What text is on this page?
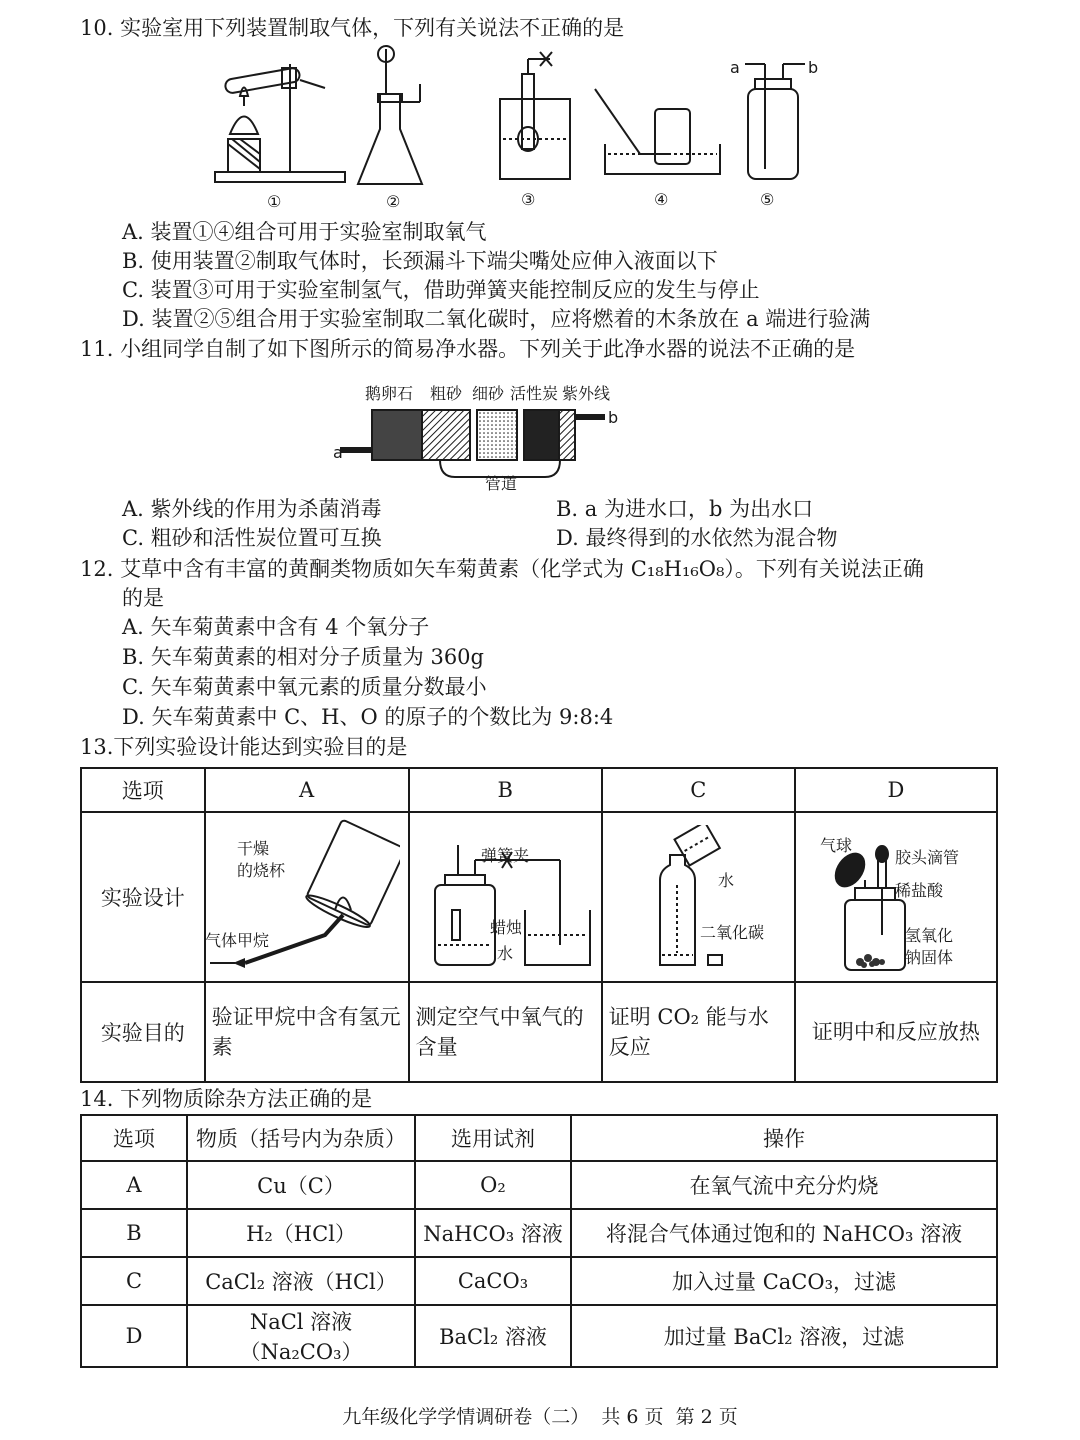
10. 实验室用下列装置制取气体，下列有关说法不正确的是
①	②	③	④	⑤
a	b
A. 装置①④组合可用于实验室制取氧气
B. 使用装置②制取气体时，长颈漏斗下端尖嘴处应伸入液面以下
C. 装置③可用于实验室制氢气，借助弹簧夹能控制反应的发生与停止
D. 装置②⑤组合用于实验室制取二氧化碳时，应将燃着的木条放在 a 端进行验满
11. 小组同学自制了如下图所示的简易净水器。下列关于此净水器的说法不正确的是
鹅卵石 粗砂 细砂 活性炭 紫外线
管道
a
b
A. 紫外线的作用为杀菌消毒	B. a 为进水口，b 为出水口
C. 粗砂和活性炭位置可互换	D. 最终得到的水依然为混合物
12. 艾草中含有丰富的黄酮类物质如矢车菊黄素（化学式为 C₁₈H₁₆O₈）。下列有关说法正确
的是
A. 矢车菊黄素中含有 4 个氧分子
B. 矢车菊黄素的相对分子质量为 360g
C. 矢车菊黄素中氧元素的质量分数最小
D. 矢车菊黄素中 C、H、O 的原子的个数比为 9:8:4
13.下列实验设计能达到实验目的是
选项	A	B	C	D
实验设计				
实验目的	验证甲烷中含有氢元素	测定空气中氧气的含量	证明 CO₂ 能与水反应	证明中和反应放热
干燥
的烧杯
气体甲烷
弹簧夹
蜡烛
水
水
二氧化碳
气球
胶头滴管
稀盐酸
氢氧化
钠固体
14. 下列物质除杂方法正确的是
选项	物质（括号内为杂质）	选用试剂	操作
A	Cu（C）	O₂	在氧气流中充分灼烧
B	H₂（HCl）	NaHCO₃ 溶液	将混合气体通过饱和的 NaHCO₃ 溶液
C	CaCl₂ 溶液（HCl）	CaCO₃	加入过量 CaCO₃，过滤
D	NaCl 溶液（Na₂CO₃）	BaCl₂ 溶液	加过量 BaCl₂ 溶液，过滤
九年级化学学情调研卷（二）  共 6 页  第 2 页
